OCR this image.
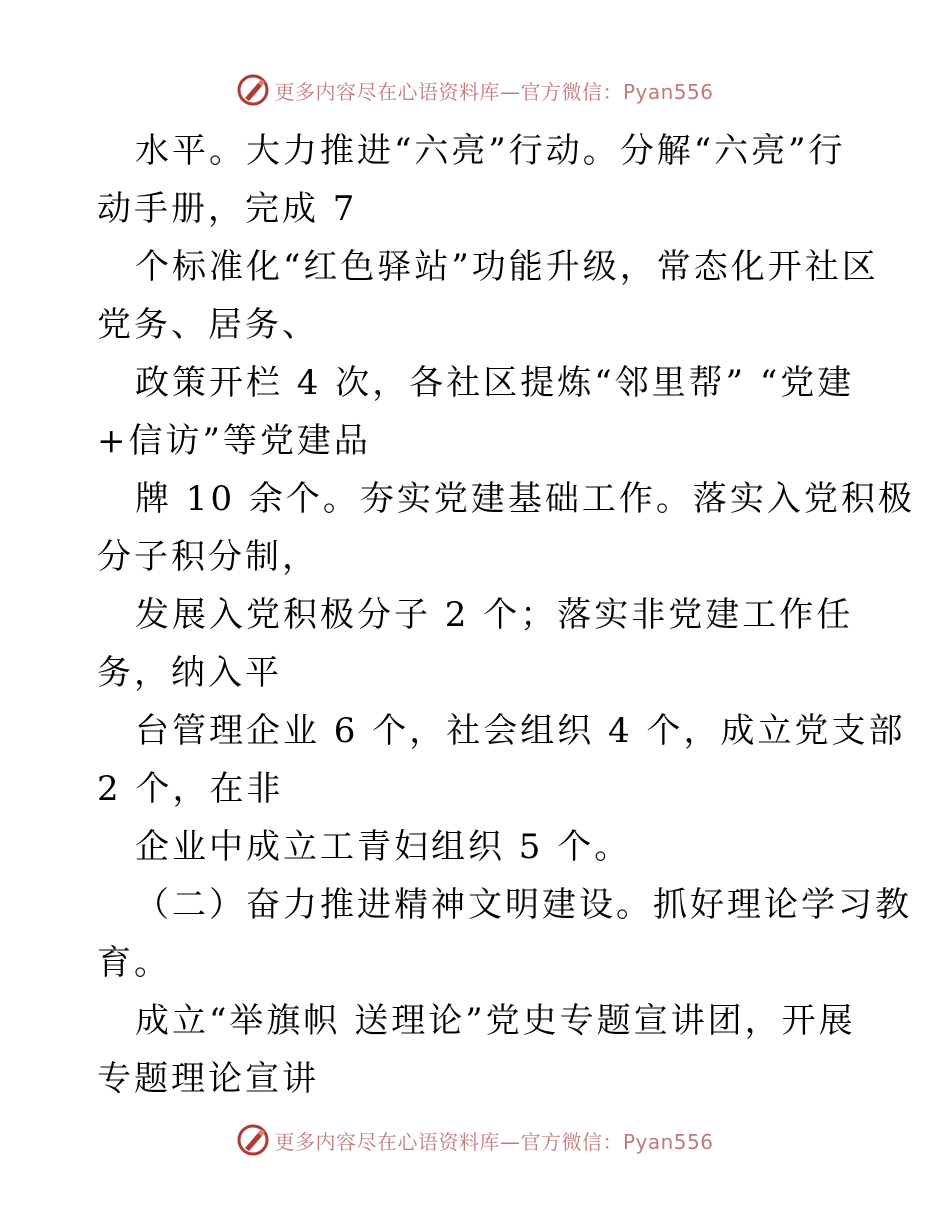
更多内容尽在心语资料库—官方微信：Pyan556
水平。大力推进“六亮”行动。分解“六亮”行
动手册，完成 7
个标准化“红色驿站”功能升级，常态化开社区
党务、居务、
政策开栏 4 次，各社区提炼“邻里帮” “党建
+信访”等党建品
牌 10 余个。夯实党建基础工作。落实入党积极
分子积分制，
发展入党积极分子 2 个；落实非党建工作任
务，纳入平
台管理企业 6 个，社会组织 4 个，成立党支部
2 个，在非
企业中成立工青妇组织 5 个。
（二）奋力推进精神文明建设。抓好理论学习教
育。
成立“举旗帜 送理论”党史专题宣讲团，开展
专题理论宣讲
更多内容尽在心语资料库—官方微信：Pyan556
